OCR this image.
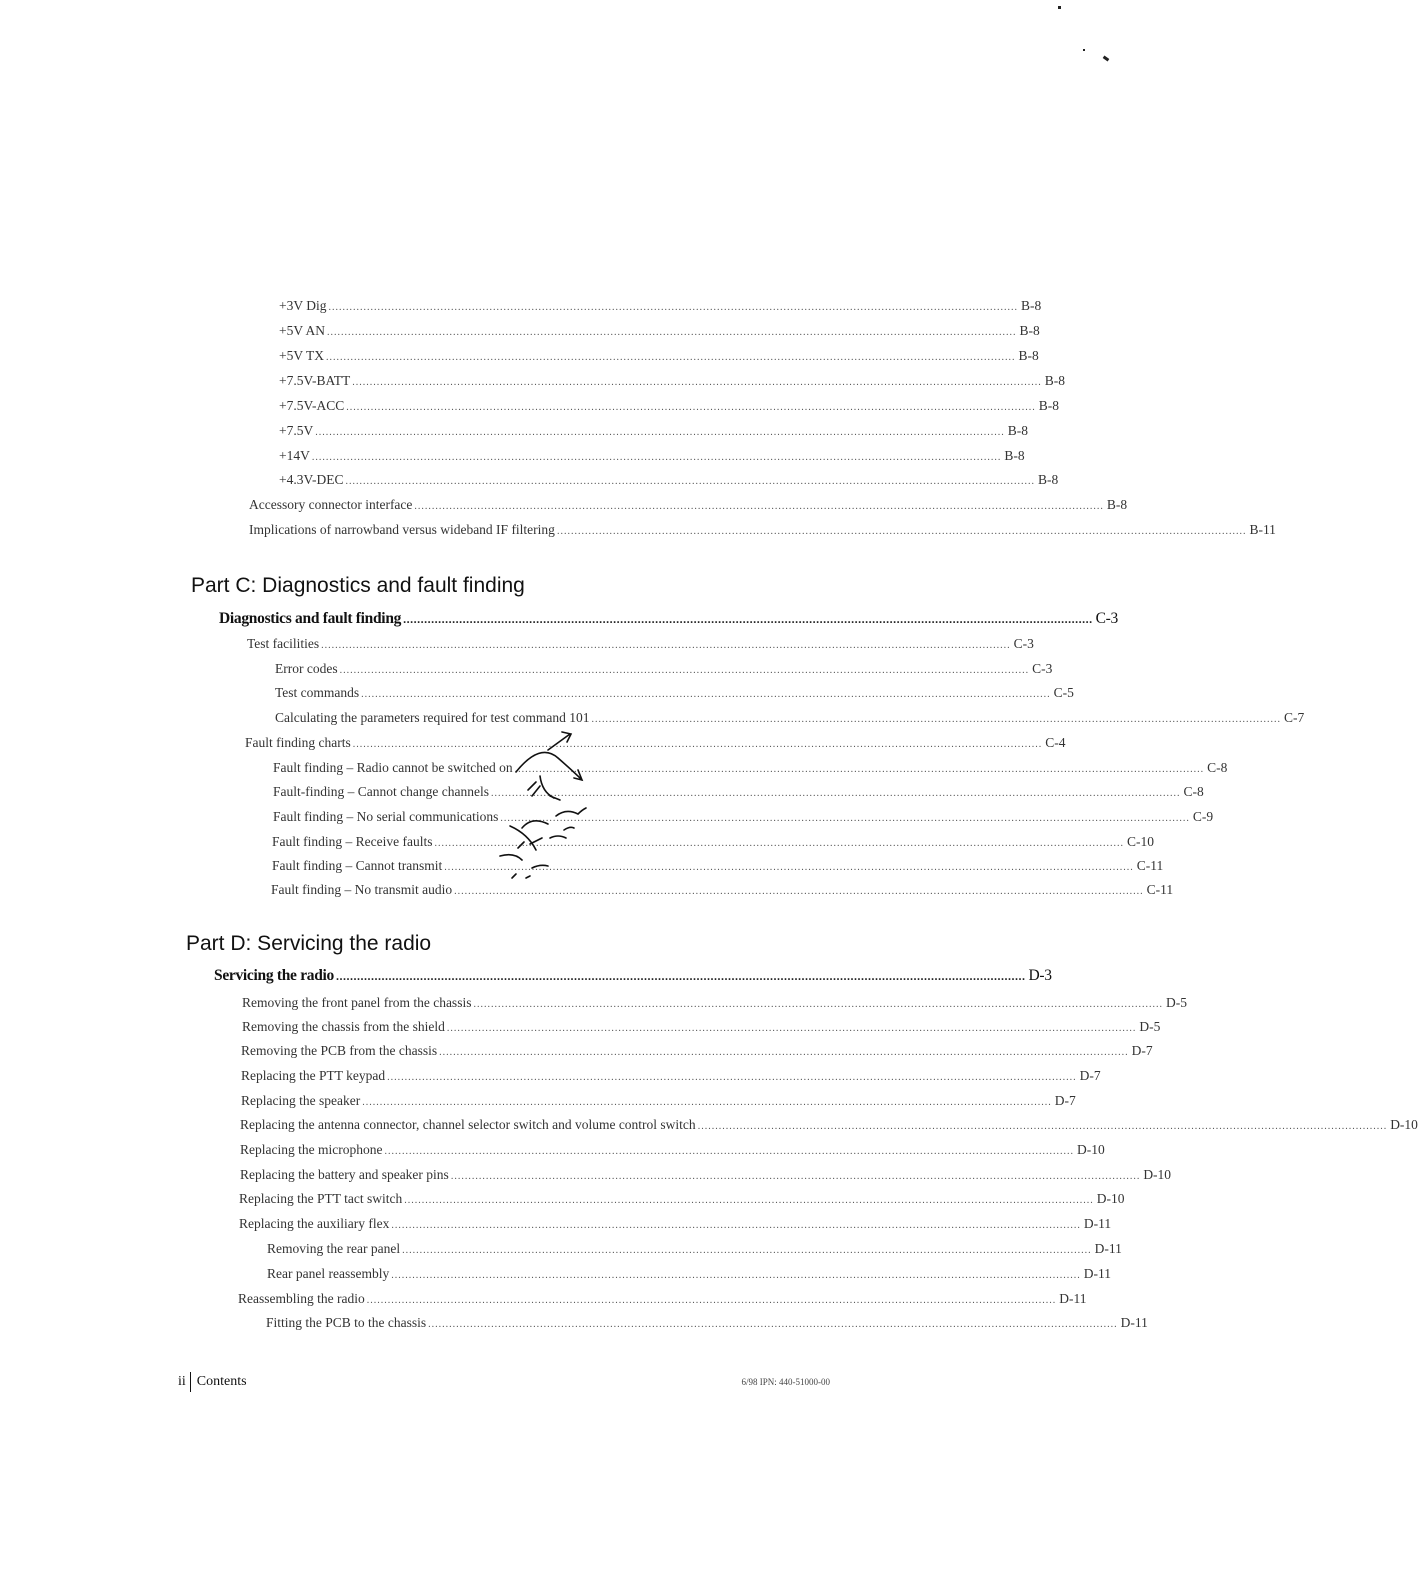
+3V Dig ..................................................................................................................................................................................................... B-8
+5V AN ..................................................................................................................................................................................................... B-8
+5V TX ..................................................................................................................................................................................................... B-8
+7.5V-BATT ..................................................................................................................................................................................................... B-8
+7.5V-ACC ..................................................................................................................................................................................................... B-8
+7.5V ..................................................................................................................................................................................................... B-8
+14V ..................................................................................................................................................................................................... B-8
+4.3V-DEC ..................................................................................................................................................................................................... B-8
Accessory connector interface ..................................................................................................................................................................................................... B-8
Implications of narrowband versus wideband IF filtering ..................................................................................................................................................................................................... B-11
Part C: Diagnostics and fault finding
Diagnostics and fault finding ..................................................................................................................................................................................................... C-3
Test facilities ..................................................................................................................................................................................................... C-3
Error codes ..................................................................................................................................................................................................... C-3
Test commands ..................................................................................................................................................................................................... C-5
Calculating the parameters required for test command 101 ..................................................................................................................................................................................................... C-7
Fault finding charts ..................................................................................................................................................................................................... C-4
Fault finding – Radio cannot be switched on ..................................................................................................................................................................................................... C-8
Fault-finding – Cannot change channels ..................................................................................................................................................................................................... C-8
Fault finding – No serial communications ..................................................................................................................................................................................................... C-9
Fault finding – Receive faults ..................................................................................................................................................................................................... C-10
Fault finding – Cannot transmit ..................................................................................................................................................................................................... C-11
Fault finding – No transmit audio ..................................................................................................................................................................................................... C-11
Part D: Servicing the radio
Servicing the radio ..................................................................................................................................................................................................... D-3
Removing the front panel from the chassis ..................................................................................................................................................................................................... D-5
Removing the chassis from the shield ..................................................................................................................................................................................................... D-5
Removing the PCB from the chassis ..................................................................................................................................................................................................... D-7
Replacing the PTT keypad ..................................................................................................................................................................................................... D-7
Replacing the speaker ..................................................................................................................................................................................................... D-7
Replacing the antenna connector, channel selector switch and volume control switch ..................................................................................................................................................................................................... D-10
Replacing the microphone ..................................................................................................................................................................................................... D-10
Replacing the battery and speaker pins ..................................................................................................................................................................................................... D-10
Replacing the PTT tact switch ..................................................................................................................................................................................................... D-10
Replacing the auxiliary flex ..................................................................................................................................................................................................... D-11
Removing the rear panel ..................................................................................................................................................................................................... D-11
Rear panel reassembly ..................................................................................................................................................................................................... D-11
Reassembling the radio ..................................................................................................................................................................................................... D-11
Fitting the PCB to the chassis ..................................................................................................................................................................................................... D-11
ii Contents	6/98 IPN: 440-51000-00
